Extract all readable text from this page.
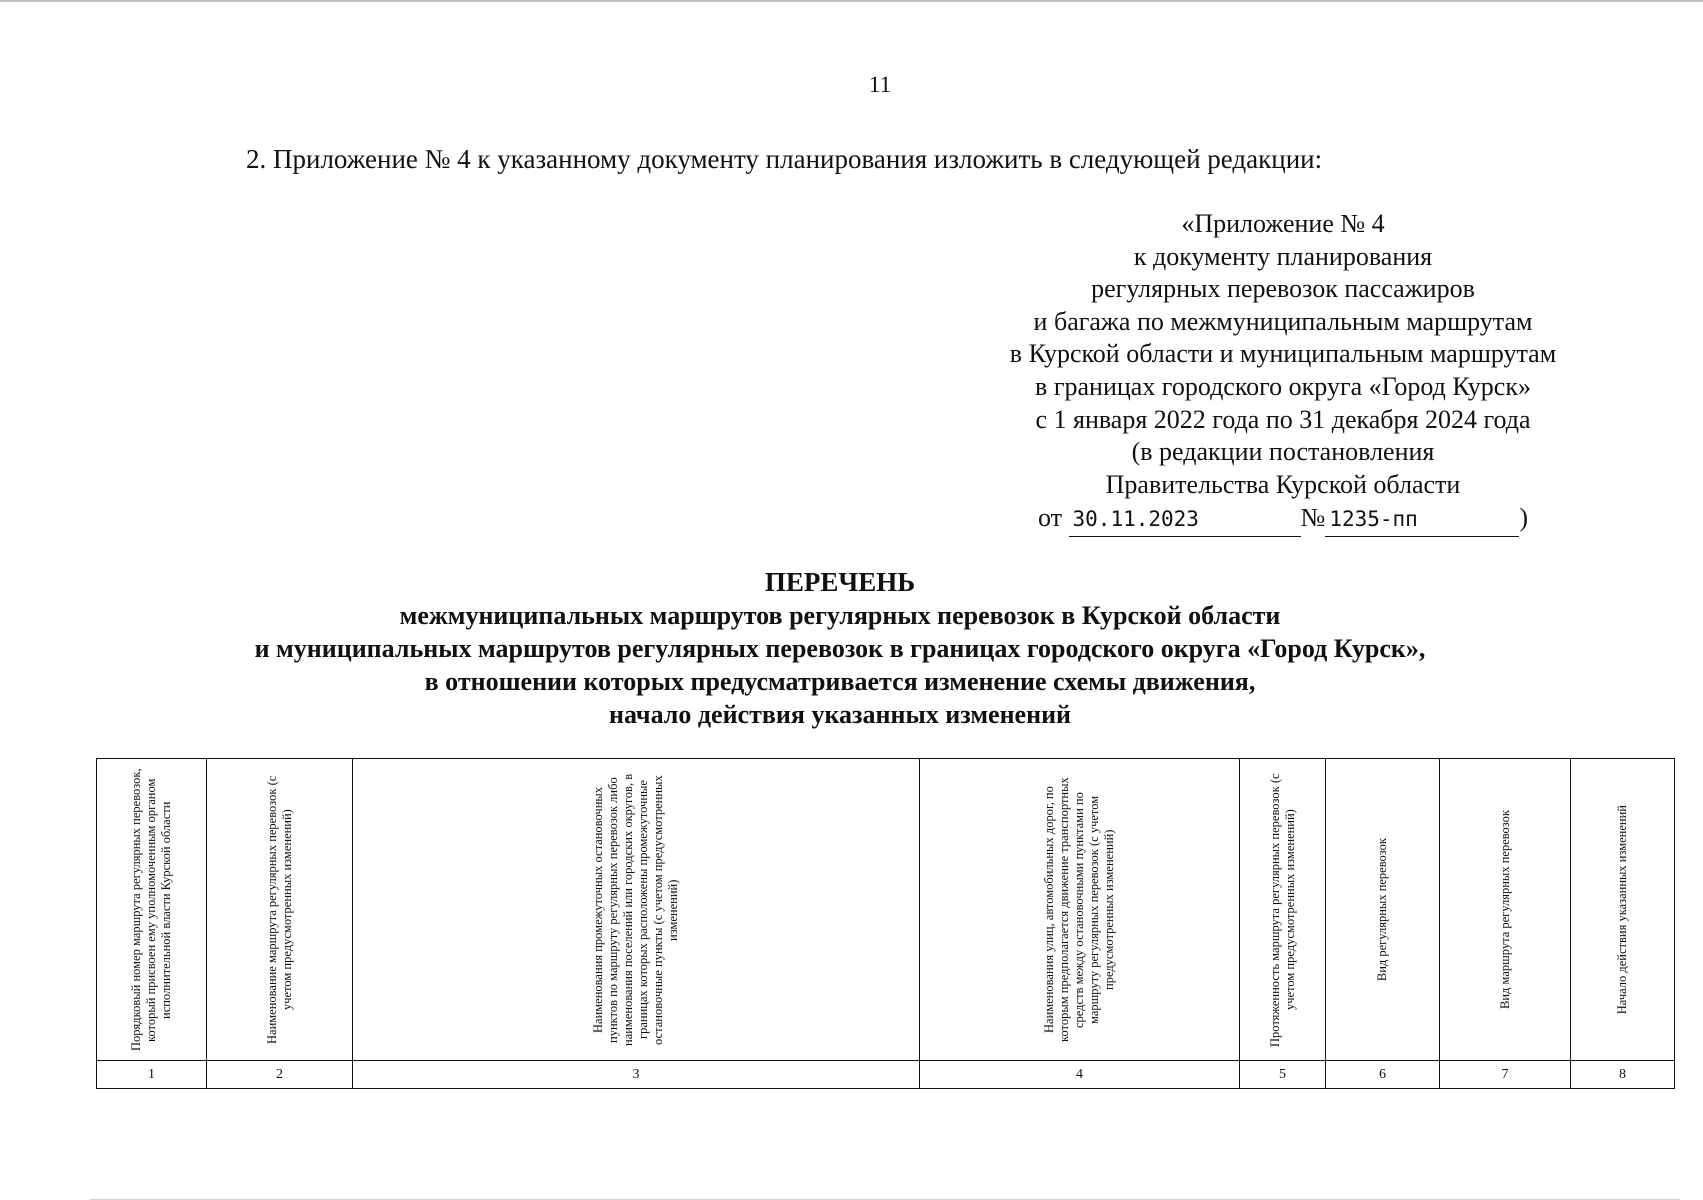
11
2. Приложение № 4 к указанному документу планирования изложить в следующей редакции:
«Приложение № 4
к документу планирования
регулярных перевозок пассажиров
и багажа по межмуниципальным маршрутам
в Курской области и муниципальным маршрутам
в границах городского округа «Город Курск»
с 1 января 2022 года по 31 декабря 2024 года
(в редакции постановления
Правительства Курской области
от 30.11.2023	№ 1235-пп	)
ПЕРЕЧЕНЬ
межмуниципальных маршрутов регулярных перевозок в Курской области
и муниципальных маршрутов регулярных перевозок в границах городского округа «Город Курск»,
в отношении которых предусматривается изменение схемы движения,
начало действия указанных изменений
Порядковый номер маршрута регулярных перевозок, который присвоен ему уполномоченным органом исполнительной власти Курской области	Наименование маршрута регулярных перевозок (с учетом предусмотренных изменений)	Наименования промежуточных остановочных пунктов по маршруту регулярных перевозок либо наименования поселений или городских округов, в границах которых расположены промежуточные остановочные пункты (с учетом предусмотренных изменений)	Наименования улиц, автомобильных дорог, по которым предполагается движение транспортных средств между остановочными пунктами по маршруту регулярных перевозок (с учетом предусмотренных изменений)	Протяженность маршрута регулярных перевозок (с учетом предусмотренных изменений)	Вид регулярных перевозок	Вид маршрута регулярных перевозок	Начало действия указанных изменений

1	2	3	4	5	6	7	8
